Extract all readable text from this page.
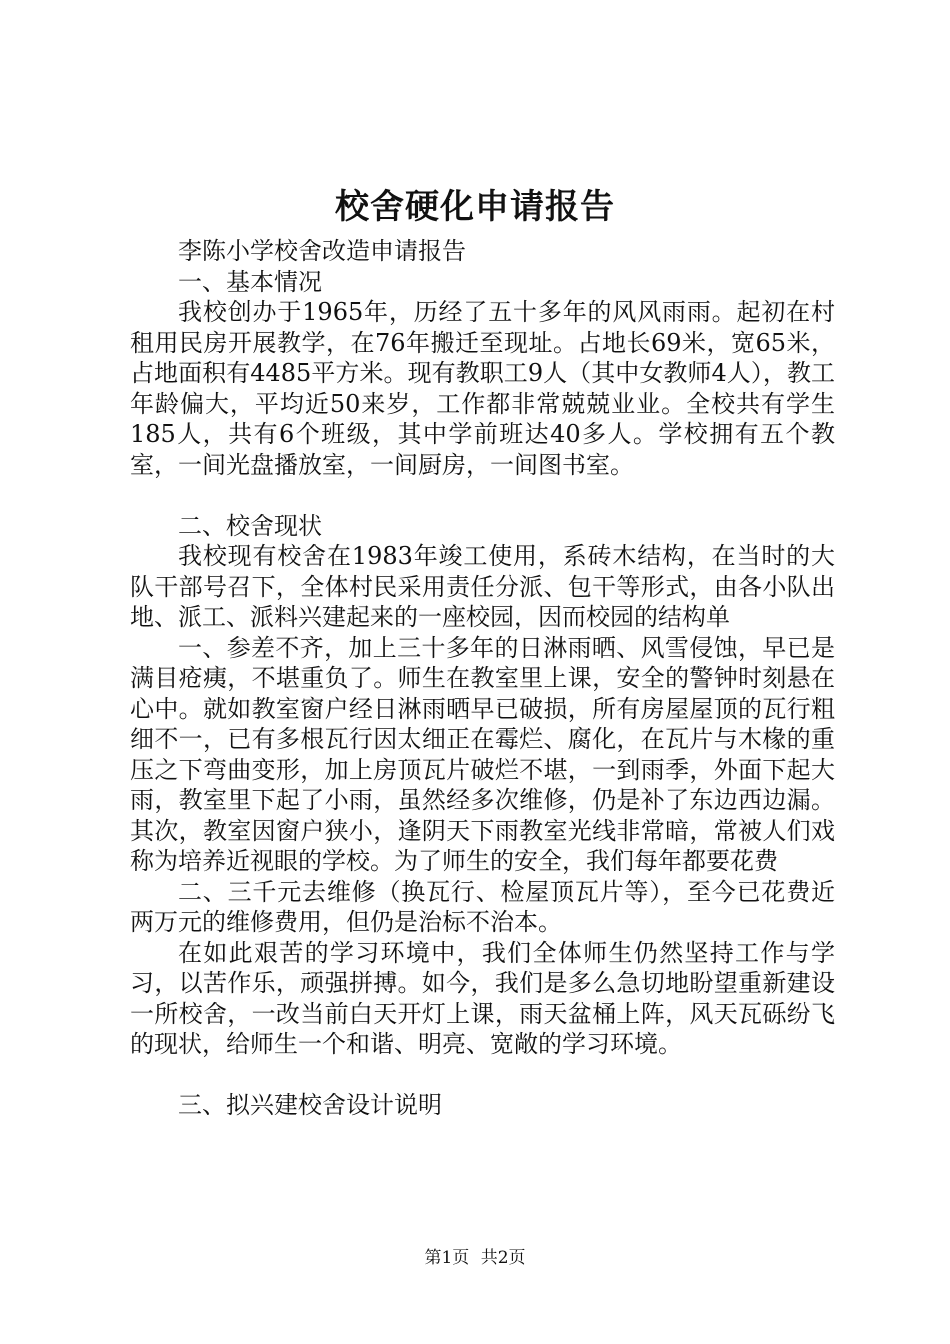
校舍硬化申请报告

李陈小学校舍改造申请报告

一、基本情况

我校创办于1965年，历经了五十多年的风风雨雨。起初在村租用民房开展教学，在76年搬迁至现址。占地长69米，宽65米，占地面积有4485平方米。现有教职工9人（其中女教师4人），教工年龄偏大，平均近50来岁，工作都非常兢兢业业。全校共有学生185人，共有6个班级，其中学前班达40多人。学校拥有五个教室，一间光盘播放室，一间厨房，一间图书室。

二、校舍现状

我校现有校舍在1983年竣工使用，系砖木结构，在当时的大队干部号召下，全体村民采用责任分派、包干等形式，由各小队出地、派工、派料兴建起来的一座校园，因而校园的结构单

一、参差不齐，加上三十多年的日淋雨晒、风雪侵蚀，早已是满目疮痍，不堪重负了。师生在教室里上课，安全的警钟时刻悬在心中。就如教室窗户经日淋雨晒早已破损，所有房屋屋顶的瓦行粗细不一，已有多根瓦行因太细正在霉烂、腐化，在瓦片与木椽的重压之下弯曲变形，加上房顶瓦片破烂不堪，一到雨季，外面下起大雨，教室里下起了小雨，虽然经多次维修，仍是补了东边西边漏。其次，教室因窗户狭小，逢阴天下雨教室光线非常暗，常被人们戏称为培养近视眼的学校。为了师生的安全，我们每年都要花费

二、三千元去维修（换瓦行、检屋顶瓦片等），至今已花费近两万元的维修费用，但仍是治标不治本。

在如此艰苦的学习环境中，我们全体师生仍然坚持工作与学习，以苦作乐，顽强拼搏。如今，我们是多么急切地盼望重新建设一所校舍，一改当前白天开灯上课，雨天盆桶上阵，风天瓦砾纷飞的现状，给师生一个和谐、明亮、宽敞的学习环境。

三、拟兴建校舍设计说明

第1页 共2页
